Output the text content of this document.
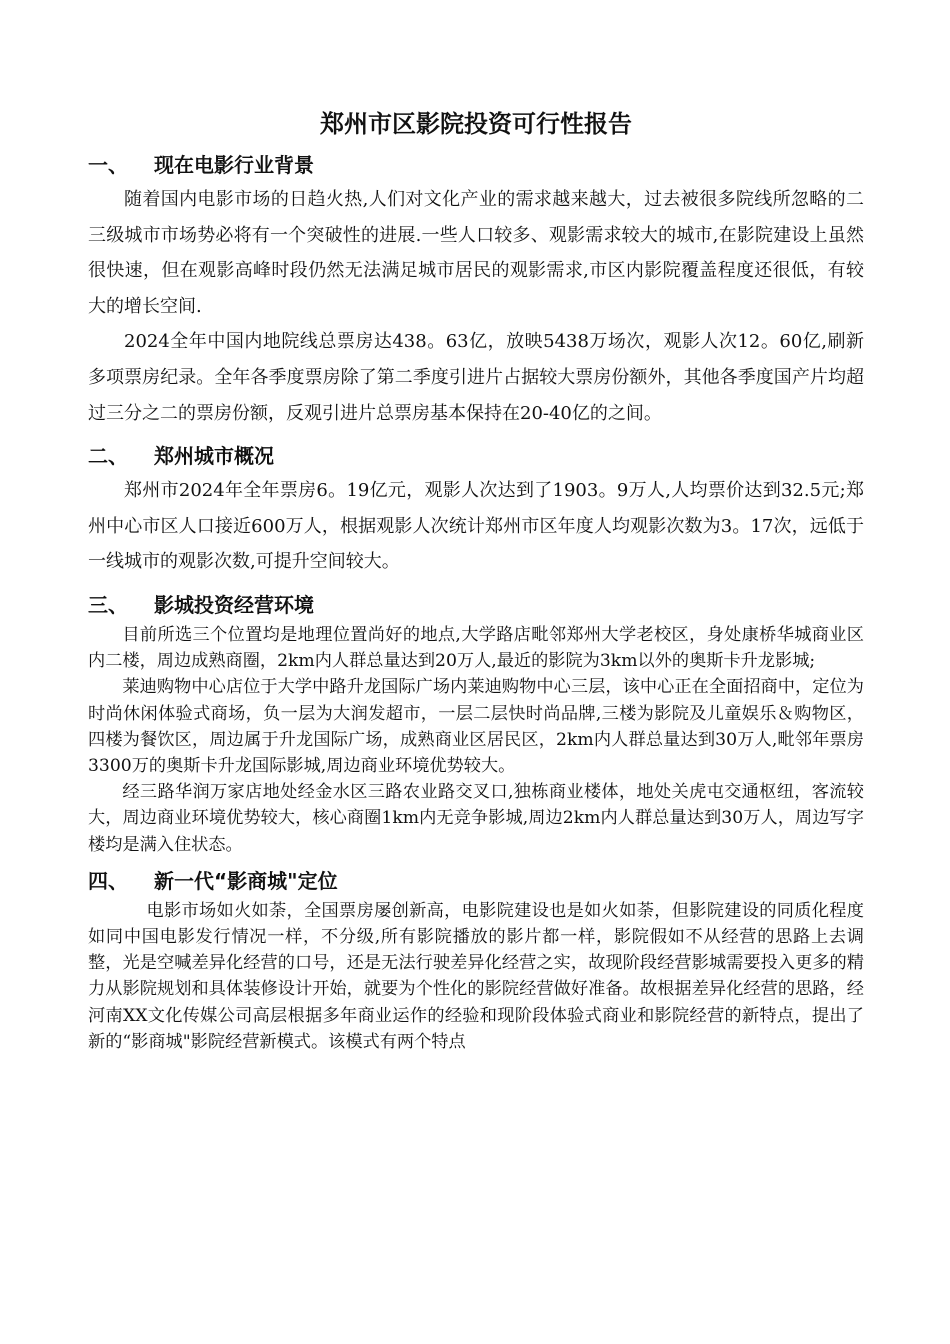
郑州市区影院投资可行性报告
一、	现在电影行业背景

随着国内电影市场的日趋火热,人们对文化产业的需求越来越大，过去被很多院线所忽略的二三级城市市场势必将有一个突破性的进展.一些人口较多、观影需求较大的城市,在影院建设上虽然很快速，但在观影高峰时段仍然无法满足城市居民的观影需求,市区内影院覆盖程度还很低，有较大的增长空间.

2024全年中国内地院线总票房达438。63亿，放映5438万场次，观影人次12。60亿,刷新多项票房纪录。全年各季度票房除了第二季度引进片占据较大票房份额外，其他各季度国产片均超过三分之二的票房份额，反观引进片总票房基本保持在20-40亿的之间。

二、	郑州城市概况

郑州市2024年全年票房6。19亿元，观影人次达到了1903。9万人,人均票价达到32.5元;郑州中心市区人口接近600万人，根据观影人次统计郑州市区年度人均观影次数为3。17次，远低于一线城市的观影次数,可提升空间较大。

三、	影城投资经营环境

目前所选三个位置均是地理位置尚好的地点,大学路店毗邻郑州大学老校区，身处康桥华城商业区内二楼，周边成熟商圈，2km内人群总量达到20万人,最近的影院为3km以外的奥斯卡升龙影城;

莱迪购物中心店位于大学中路升龙国际广场内莱迪购物中心三层，该中心正在全面招商中，定位为时尚休闲体验式商场，负一层为大润发超市，一层二层快时尚品牌,三楼为影院及儿童娱乐＆购物区，四楼为餐饮区，周边属于升龙国际广场，成熟商业区居民区，2km内人群总量达到30万人,毗邻年票房3300万的奥斯卡升龙国际影城,周边商业环境优势较大。

经三路华润万家店地处经金水区三路农业路交叉口,独栋商业楼体，地处关虎屯交通枢纽，客流较大，周边商业环境优势较大，核心商圈1km内无竞争影城,周边2km内人群总量达到30万人，周边写字楼均是满入住状态。

四、	新一代“影商城"定位

电影市场如火如荼，全国票房屡创新高，电影院建设也是如火如荼，但影院建设的同质化程度如同中国电影发行情况一样，不分级,所有影院播放的影片都一样，影院假如不从经营的思路上去调整，光是空喊差异化经营的口号，还是无法行驶差异化经营之实，故现阶段经营影城需要投入更多的精力从影院规划和具体装修设计开始，就要为个性化的影院经营做好准备。故根据差异化经营的思路，经河南XX文化传媒公司高层根据多年商业运作的经验和现阶段体验式商业和影院经营的新特点，提出了新的“影商城"影院经营新模式。该模式有两个特点
